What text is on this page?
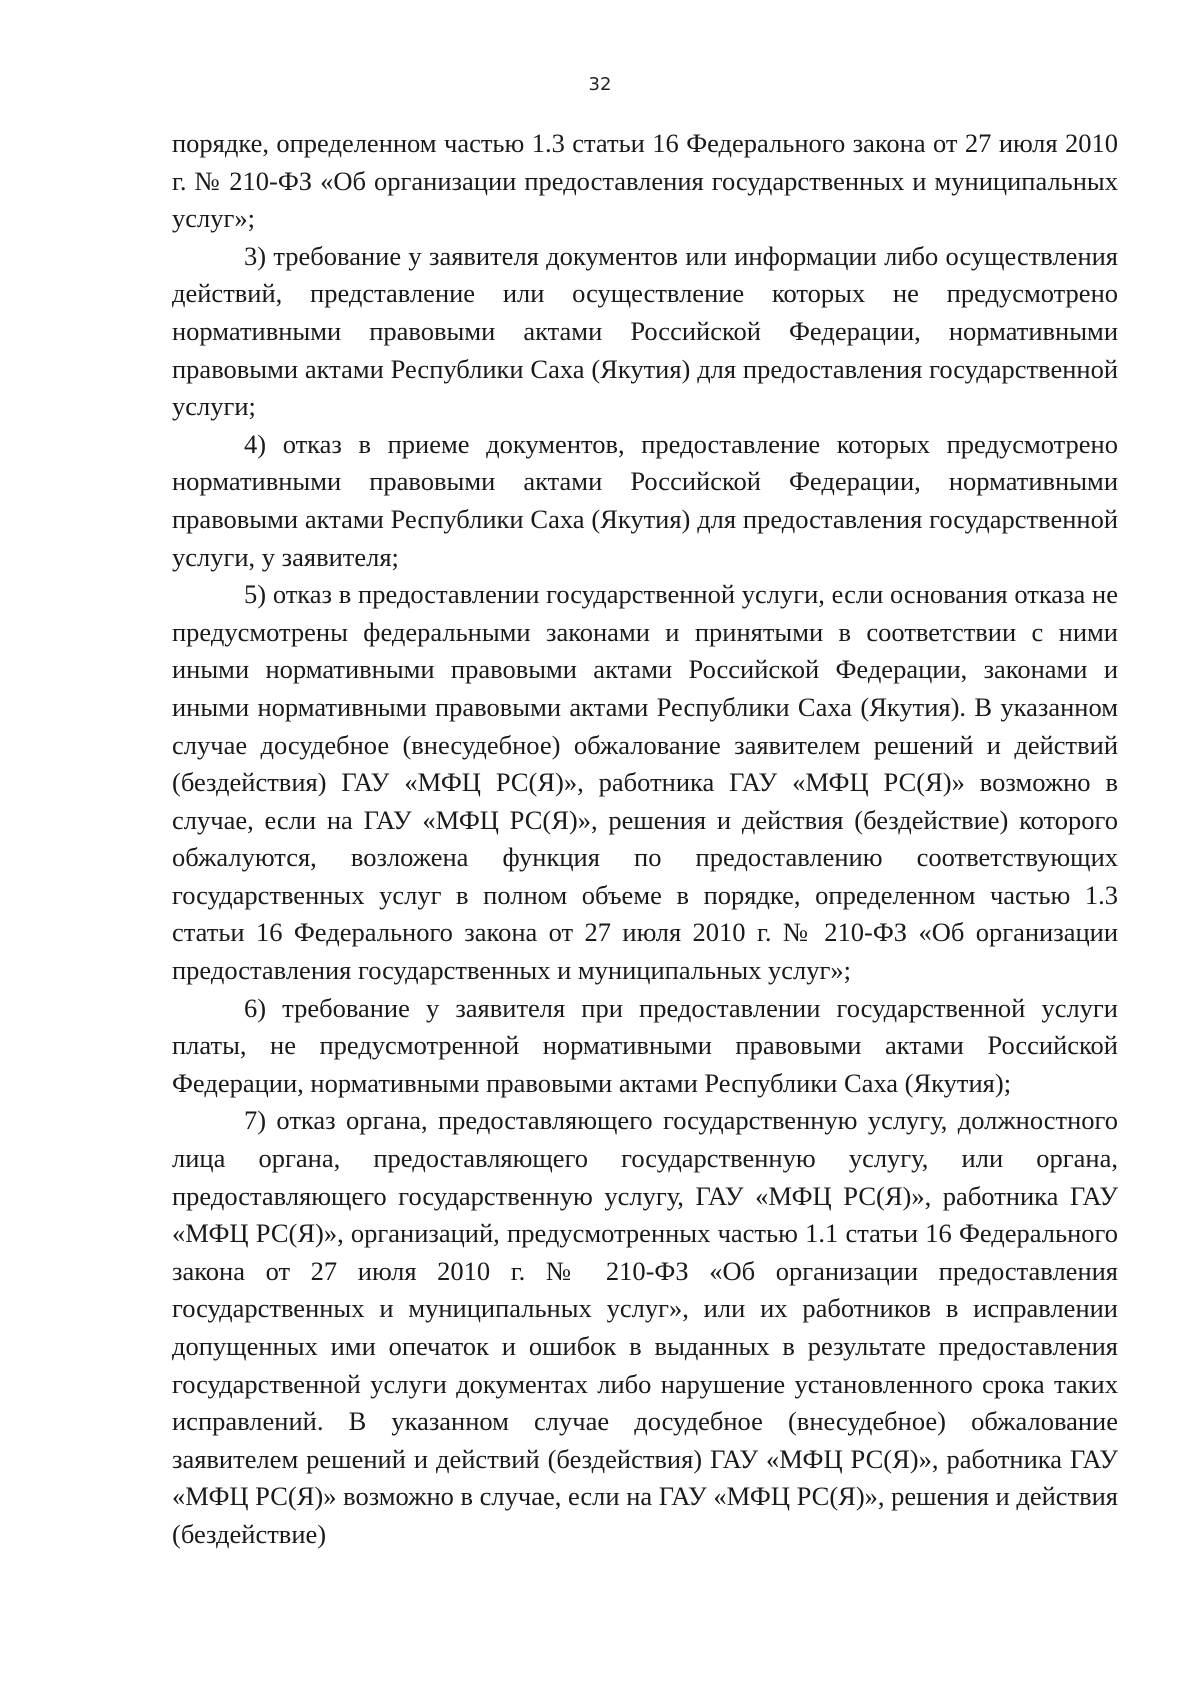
32

порядке, определенном частью 1.3 статьи 16 Федерального закона от 27 июля 2010 г. № 210-ФЗ «Об организации предоставления государственных и муниципальных услуг»;

3) требование у заявителя документов или информации либо осуществления действий, представление или осуществление которых не предусмотрено нормативными правовыми актами Российской Федерации, нормативными правовыми актами Республики Саха (Якутия) для предоставления государственной услуги;

4) отказ в приеме документов, предоставление которых предусмотрено нормативными правовыми актами Российской Федерации, нормативными правовыми актами Республики Саха (Якутия) для предоставления государственной услуги, у заявителя;

5) отказ в предоставлении государственной услуги, если основания отказа не предусмотрены федеральными законами и принятыми в соответствии с ними иными нормативными правовыми актами Российской Федерации, законами и иными нормативными правовыми актами Республики Саха (Якутия). В указанном случае досудебное (внесудебное) обжалование заявителем решений и действий (бездействия) ГАУ «МФЦ РС(Я)», работника ГАУ «МФЦ РС(Я)» возможно в случае, если на ГАУ «МФЦ РС(Я)», решения и действия (бездействие) которого обжалуются, возложена функция по предоставлению соответствующих государственных услуг в полном объеме в порядке, определенном частью 1.3 статьи 16 Федерального закона от 27 июля 2010 г. № 210-ФЗ «Об организации предоставления государственных и муниципальных услуг»;

6) требование у заявителя при предоставлении государственной услуги платы, не предусмотренной нормативными правовыми актами Российской Федерации, нормативными правовыми актами Республики Саха (Якутия);

7) отказ органа, предоставляющего государственную услугу, должностного лица органа, предоставляющего государственную услугу, или органа, предоставляющего государственную услугу, ГАУ «МФЦ РС(Я)», работника ГАУ «МФЦ РС(Я)», организаций, предусмотренных частью 1.1 статьи 16 Федерального закона от 27 июля 2010 г. № 210-ФЗ «Об организации предоставления государственных и муниципальных услуг», или их работников в исправлении допущенных ими опечаток и ошибок в выданных в результате предоставления государственной услуги документах либо нарушение установленного срока таких исправлений. В указанном случае досудебное (внесудебное) обжалование заявителем решений и действий (бездействия) ГАУ «МФЦ РС(Я)», работника ГАУ «МФЦ РС(Я)» возможно в случае, если на ГАУ «МФЦ РС(Я)», решения и действия (бездействие)
